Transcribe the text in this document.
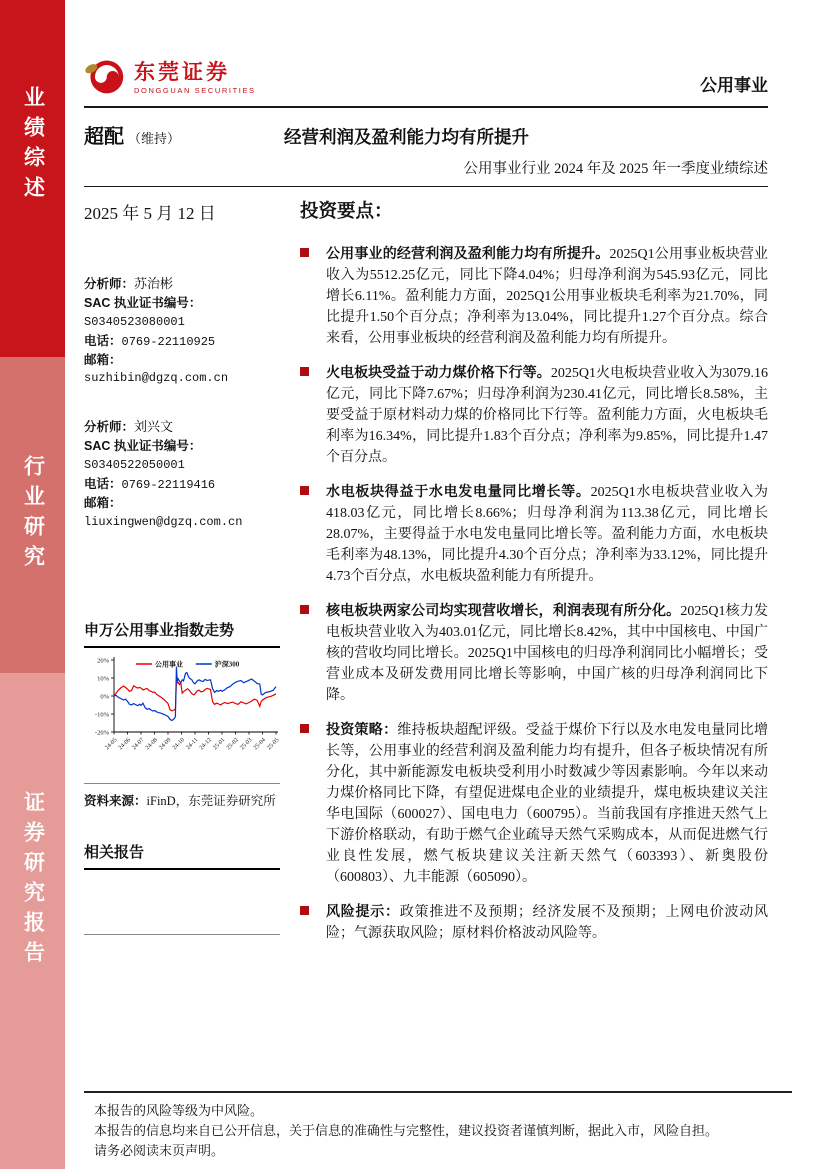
业绩综述
行业研究
证券研究报告
东莞证券
DONGGUAN SECURITIES	公用事业
超配 （维持）	经营利润及盈利能力均有所提升
公用事业行业 2024 年及 2025 年一季度业绩综述
2025 年 5 月 12 日
分析师：苏治彬
SAC 执业证书编号：
S0340523080001
电话：0769-22110925
邮箱：
suzhibin@dgzq.com.cn
分析师：刘兴文
SAC 执业证书编号：
S0340522050001
电话：0769-22119416
邮箱：
liuxingwen@dgzq.com.cn
申万公用事业指数走势
20%
10%
0%
-10%
-20%
24-05 24-06 24-07 24-08 24-09 24-10 24-11 24-12 25-01 25-02 25-03 25-04 25-05
公用事业	沪深300
资料来源：iFinD，东莞证券研究所
相关报告
投资要点：
公用事业的经营利润及盈利能力均有所提升。2025Q1公用事业板块营业收入为5512.25亿元，同比下降4.04%；归母净利润为545.93亿元，同比增长6.11%。盈利能力方面，2025Q1公用事业板块毛利率为21.70%，同比提升1.50个百分点；净利率为13.04%，同比提升1.27个百分点。综合来看，公用事业板块的经营利润及盈利能力均有所提升。
火电板块受益于动力煤价格下行等。2025Q1火电板块营业收入为3079.16亿元，同比下降7.67%；归母净利润为230.41亿元，同比增长8.58%，主要受益于原材料动力煤的价格同比下行等。盈利能力方面，火电板块毛利率为16.34%，同比提升1.83个百分点；净利率为9.85%，同比提升1.47个百分点。
水电板块得益于水电发电量同比增长等。2025Q1水电板块营业收入为418.03亿元，同比增长8.66%；归母净利润为113.38亿元，同比增长28.07%，主要得益于水电发电量同比增长等。盈利能力方面，水电板块毛利率为48.13%，同比提升4.30个百分点；净利率为33.12%，同比提升4.73个百分点，水电板块盈利能力有所提升。
核电板块两家公司均实现营收增长，利润表现有所分化。2025Q1核力发电板块营业收入为403.01亿元，同比增长8.42%，其中中国核电、中国广核的营收均同比增长。2025Q1中国核电的归母净利润同比小幅增长；受营业成本及研发费用同比增长等影响，中国广核的归母净利润同比下降。
投资策略：维持板块超配评级。受益于煤价下行以及水电发电量同比增长等，公用事业的经营利润及盈利能力均有提升，但各子板块情况有所分化，其中新能源发电板块受利用小时数减少等因素影响。今年以来动力煤价格同比下降，有望促进煤电企业的业绩提升，煤电板块建议关注华电国际（600027）、国电电力（600795）。当前我国有序推进天然气上下游价格联动，有助于燃气企业疏导天然气采购成本，从而促进燃气行业良性发展，燃气板块建议关注新天然气（603393）、新奥股份（600803）、九丰能源（605090）。
风险提示：政策推进不及预期；经济发展不及预期；上网电价波动风险；气源获取风险；原材料价格波动风险等。
本报告的风险等级为中风险。
本报告的信息均来自已公开信息，关于信息的准确性与完整性，建议投资者谨慎判断，据此入市，风险自担。
请务必阅读末页声明。
